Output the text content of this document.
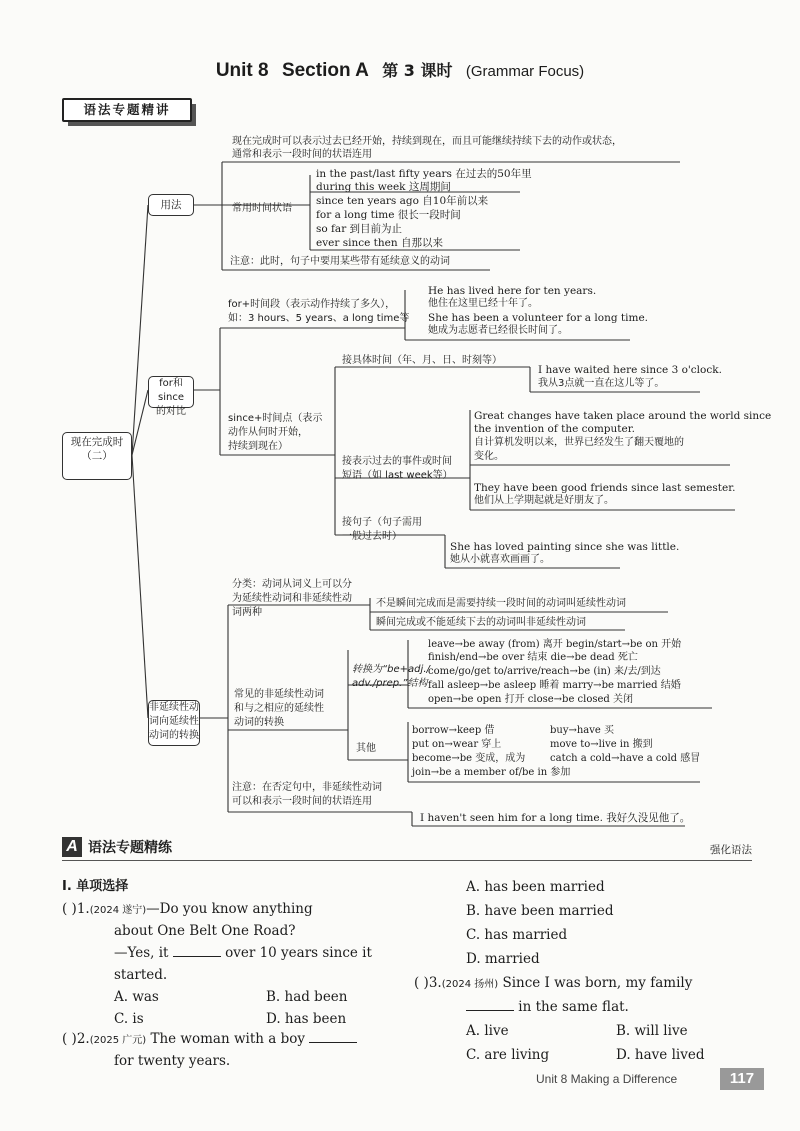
Unit 8 Section A 第 3 课时 (Grammar Focus)
语法专题精讲
现在完成时（二）
用法
现在完成时可以表示过去已经开始，持续到现在，而且可能继续持续下去的动作或状态，
通常和表示一段时间的状语连用
常用时间状语
in the past/last fifty years 在过去的50年里
during this week 这周期间
since ten years ago 自10年前以来
for a long time 很长一段时间
so far 到目前为止
ever since then 自那以来
注意：此时，句子中要用某些带有延续意义的动词
for和since
的对比
for+时间段（表示动作持续了多久），
如：3 hours、5 years、a long time等
He has lived here for ten years.
他住在这里已经十年了。
She has been a volunteer for a long time.
她成为志愿者已经很长时间了。
since+时间点（表示
动作从何时开始，
持续到现在）
接具体时间（年、月、日、时刻等）
I have waited here since 3 o'clock.
我从3点就一直在这儿等了。
接表示过去的事件或时间
短语（如 last week等）
Great changes have taken place around the world since
the invention of the computer.
自计算机发明以来，世界已经发生了翻天覆地的
变化。
They have been good friends since last semester.
他们从上学期起就是好朋友了。
接句子（句子需用
一般过去时）
She has loved painting since she was little.
她从小就喜欢画画了。
非延续性动
词向延续性
动词的转换
分类：动词从词义上可以分
为延续性动词和非延续性动
词两种
不是瞬间完成而是需要持续一段时间的动词叫延续性动词
瞬间完成或不能延续下去的动词叫非延续性动词
常见的非延续性动词
和与之相应的延续性
动词的转换
转换为“be+adj./
adv./prep.”结构
leave→be away (from) 离开 begin/start→be on 开始
finish/end→be over 结束 die→be dead 死亡
come/go/get to/arrive/reach→be (in) 来/去/到达
fall asleep→be asleep 睡着 marry→be married 结婚
open→be open 打开 close→be closed 关闭
其他
borrow→keep 借
put on→wear 穿上
become→be 变成，成为
join→be a member of/be in 参加
buy→have 买
move to→live in 搬到
catch a cold→have a cold 感冒
注意：在否定句中，非延续性动词
可以和表示一段时间的状语连用
I haven't seen him for a long time. 我好久没见他了。
A 语法专题精练	强化语法
Ⅰ. 单项选择
( )1.(2024 遂宁)—Do you know anything
about One Belt One Road?
—Yes, it	over 10 years since it
started.
A. was	B. had been
C. is	D. has been
( )2.(2025 广元) The woman with a boy
for twenty years.
A. has been married
B. have been married
C. has married
D. married
( )3.(2024 扬州) Since I was born, my family
in the same flat.
A. live	B. will live
C. are living	D. have lived
Unit 8 Making a Difference	117
